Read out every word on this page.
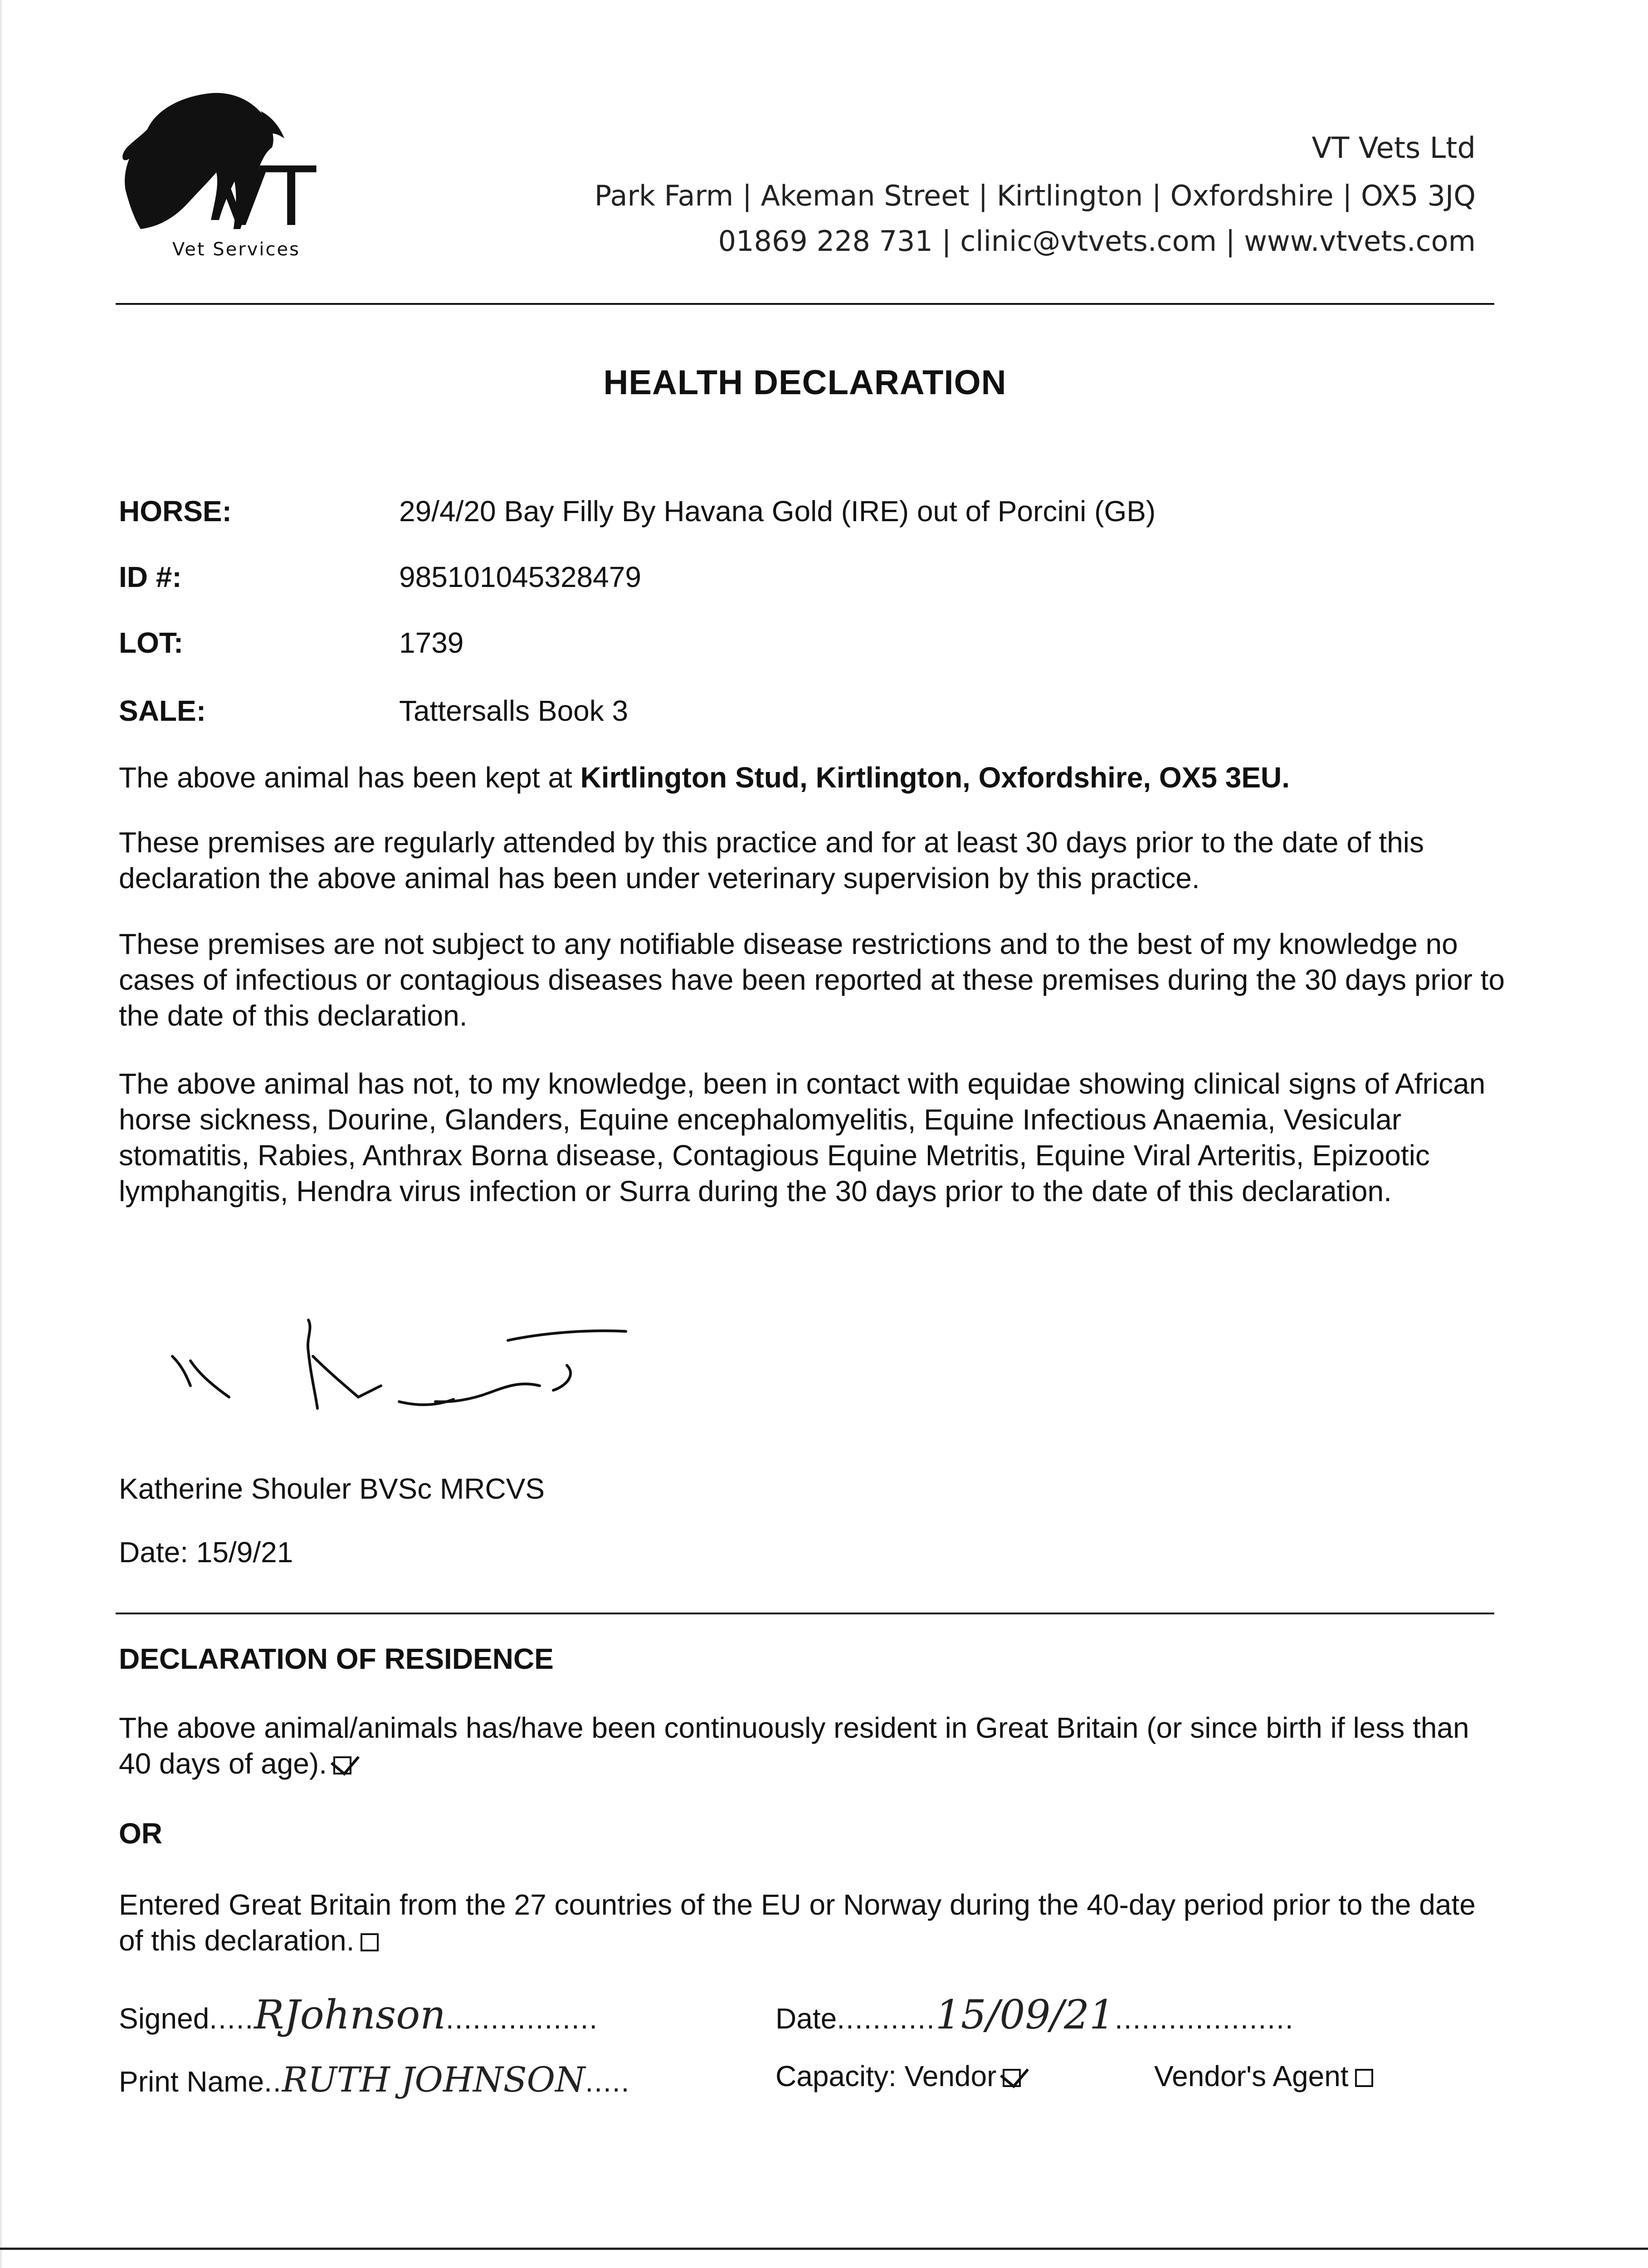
VT
Vet Services
VT Vets Ltd
Park Farm | Akeman Street | Kirtlington | Oxfordshire | OX5 3JQ
01869 228 731 | clinic@vtvets.com | www.vtvets.com
HEALTH DECLARATION
HORSE:	29/4/20 Bay Filly By Havana Gold (IRE) out of Porcini (GB)
ID #:	985101045328479
LOT:	1739
SALE:	Tattersalls Book 3
The above animal has been kept at Kirtlington Stud, Kirtlington, Oxfordshire, OX5 3EU.
These premises are regularly attended by this practice and for at least 30 days prior to the date of this declaration the above animal has been under veterinary supervision by this practice.
These premises are not subject to any notifiable disease restrictions and to the best of my knowledge no cases of infectious or contagious diseases have been reported at these premises during the 30 days prior to the date of this declaration.
The above animal has not, to my knowledge, been in contact with equidae showing clinical signs of African horse sickness, Dourine, Glanders, Equine encephalomyelitis, Equine Infectious Anaemia, Vesicular stomatitis, Rabies, Anthrax Borna disease, Contagious Equine Metritis, Equine Viral Arteritis, Epizootic lymphangitis, Hendra virus infection or Surra during the 30 days prior to the date of this declaration.
Katherine Shouler BVSc MRCVS
Date: 15/9/21
DECLARATION OF RESIDENCE
The above animal/animals has/have been continuously resident in Great Britain (or since birth if less than 40 days of age).
OR
Entered Great Britain from the 27 countries of the EU or Norway during the 40-day period prior to the date of this declaration.
Signed.....RJohnson.................	Date...........15/09/21....................
Print Name..RUTH JOHNSON.....	Capacity: Vendor	Vendor's Agent
